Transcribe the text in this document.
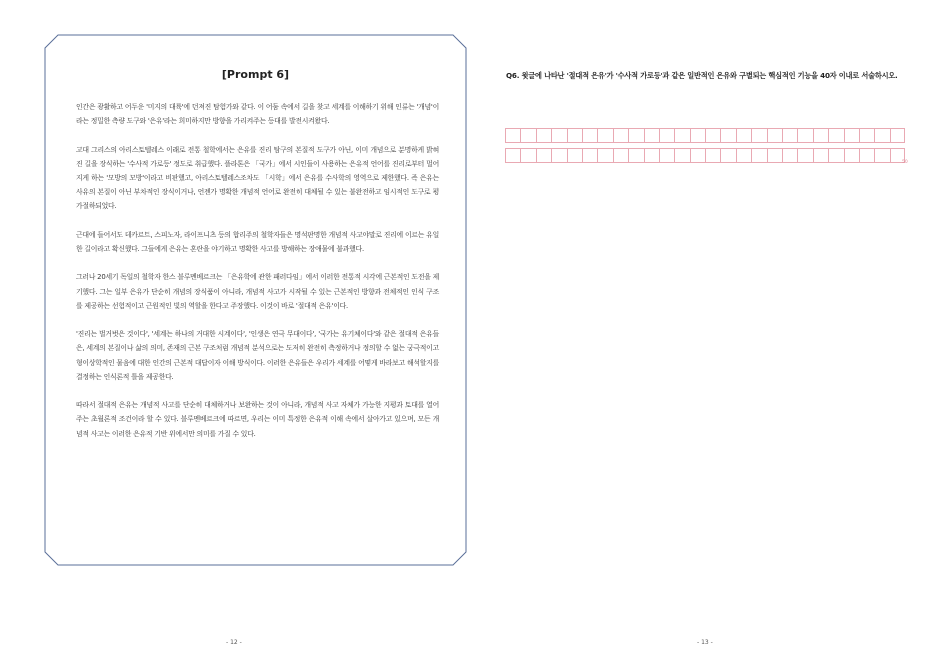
[Prompt 6]

인간은 광활하고 어두운 '미지의 대륙'에 던져진 탐험가와 같다. 이 어둠 속에서 길을 찾고 세계를 이해하기 위해 인류는 '개념'이라는 정밀한 측량 도구와 '은유'라는 희미하지만 방향을 가리켜주는 등대를 발전시켜왔다.

고대 그리스의 아리스토텔레스 이래로 전통 철학에서는 은유를 진리 탐구의 본질적 도구가 아닌, 이미 개념으로 분명하게 밝혀진 길을 장식하는 '수사적 가로등' 정도로 취급했다. 플라톤은 「국가」에서 시인들이 사용하는 은유적 언어를 진리로부터 멀어지게 하는 '모방의 모방'이라고 비판했고, 아리스토텔레스조차도 「시학」에서 은유를 수사학의 영역으로 제한했다. 즉 은유는 사유의 본질이 아닌 부차적인 장식이거나, 언젠가 명확한 개념적 언어로 완전히 대체될 수 있는 불완전하고 임시적인 도구로 평가절하되었다.

근대에 들어서도 데카르트, 스피노자, 라이프니츠 등의 합리주의 철학자들은 명석판명한 개념적 사고야말로 진리에 이르는 유일한 길이라고 확신했다. 그들에게 은유는 혼란을 야기하고 명확한 사고를 방해하는 장애물에 불과했다.

그러나 20세기 독일의 철학자 한스 블루멘베르크는 「은유학에 관한 패러다임」에서 이러한 전통적 시각에 근본적인 도전을 제기했다. 그는 일부 은유가 단순히 개념의 장식품이 아니라, 개념적 사고가 시작될 수 있는 근본적인 방향과 전체적인 인식 구조를 제공하는 선험적이고 근원적인 빛의 역할을 한다고 주장했다. 이것이 바로 '절대적 은유'이다.

'진리는 벌거벗은 것이다', '세계는 하나의 거대한 시계이다', '인생은 연극 무대이다', '국가는 유기체이다'와 같은 절대적 은유들은, 세계의 본질이나 삶의 의미, 존재의 근본 구조처럼 개념적 분석으로는 도저히 완전히 측정하거나 정의할 수 없는 궁극적이고 형이상학적인 물음에 대한 인간의 근본적 대답이자 이해 방식이다. 이러한 은유들은 우리가 세계를 어떻게 바라보고 해석할지를 결정하는 인식론적 틀을 제공한다.

따라서 절대적 은유는 개념적 사고를 단순히 대체하거나 보완하는 것이 아니라, 개념적 사고 자체가 가능한 지평과 토대를 열어주는 초월론적 조건이라 할 수 있다. 블루멘베르크에 따르면, 우리는 이미 특정한 은유적 이해 속에서 살아가고 있으며, 모든 개념적 사고는 이러한 은유적 기반 위에서만 의미를 가질 수 있다.

- 12 -
Q6. 윗글에 나타난 '절대적 은유'가 '수사적 가로등'과 같은 일반적인 은유와 구별되는 핵심적인 기능을 40자 이내로 서술하시오.
50
- 13 -
